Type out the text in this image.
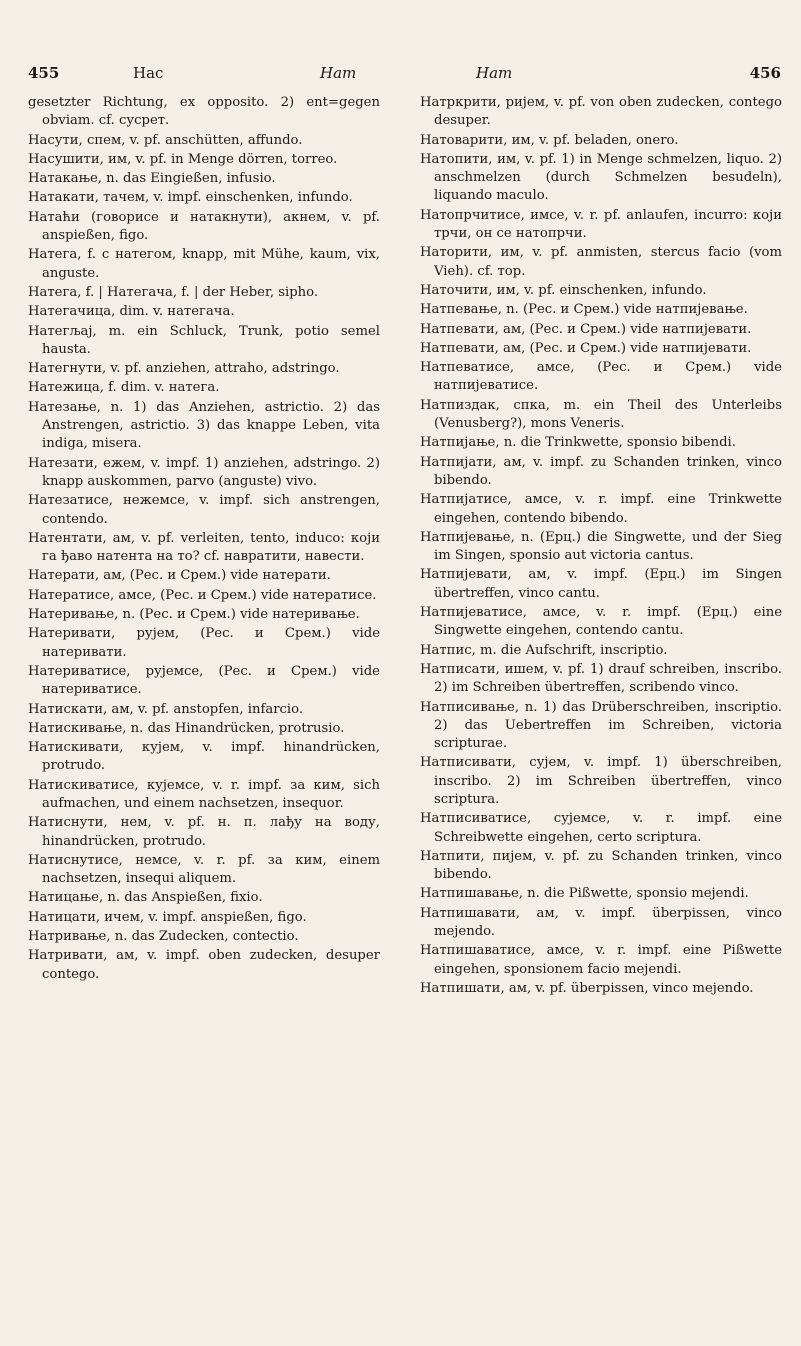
455	Нас	Нат	Нат	456

gesetzter Richtung, ex opposito. 2) ent=gegen obviam. cf. сусрет.

Насути, спем, v. pf. anschütten, affundo.

Насушити, им, v. pf. in Menge dörren, torreo.

Натакање, n. das Eingießen, infusio.

Натакати, тачем, v. impf. einschenken, infundo.

Натаћи (говорисе и натакнути), акнем, v. pf. anspießen, figo.

Натега, f. с натегом, knapp, mit Mühe, kaum, vix, anguste.

Натега, f. | Натегача, f. | der Heber, sipho.

Натегачица, dim. v. натегача.

Натегљај, m. ein Schluck, Trunk, potio semel hausta.

Натегнути, v. pf. anziehen, attraho, adstringo.

Натежица, f. dim. v. натега.

Натезање, n. 1) das Anziehen, astrictio. 2) das Anstrengen, astrictio. 3) das knappe Leben, vita indiga, misera.

Натезати, ежем, v. impf. 1) anziehen, adstringo. 2) knapp auskommen, parvo (anguste) vivo.

Натезатисе, нежемсе, v. impf. sich anstrengen, contendo.

Натентати, ам, v. pf. verleiten, tento, induco: који га ђаво натента на то? cf. навратити, навести.

Натерати, ам, (Рес. и Срем.) vide натерати.

Натератисе, амсе, (Рес. и Срем.) vide натератисе.

Натеривање, n. (Рес. и Срем.) vide натеривање.

Натеривати, рујем, (Рес. и Срем.) vide натеривати.

Натериватисе, рујемсе, (Рес. и Срем.) vide натериватисе.

Натискати, ам, v. pf. anstopfen, infarcio.

Натискивање, n. das Hinandrücken, protrusio.

Натискивати, кујем, v. impf. hinandrücken, protrudo.

Натискиватисе, кујемсе, v. r. impf. за ким, sich aufmachen, und einem nachsetzen, insequor.

Натиснути, нем, v. pf. н. п. лађу на воду, hinandrücken, protrudo.

Натиснутисе, немсе, v. r. pf. за ким, einem nachsetzen, insequi aliquem.

Натицање, n. das Anspießen, fixio.

Натицати, ичем, v. impf. anspießen, figo.

Натривање, n. das Zudecken, contectio.

Натривати, ам, v. impf. oben zudecken, desuper contego.

Натркрити, ријем, v. pf. von oben zudecken, contego desuper.

Натоварити, им, v. pf. beladen, onero.

Натопити, им, v. pf. 1) in Menge schmelzen, liquo. 2) anschmelzen (durch Schmelzen besudeln), liquando maculo.

Натопрчитисе, имсе, v. r. pf. anlaufen, incurro: који трчи, он се натопрчи.

Наторити, им, v. pf. anmisten, stercus facio (vom Vieh). cf. тор.

Наточити, им, v. pf. einschenken, infundo.

Натпевање, n. (Рес. и Срем.) vide натпијевање.

Натпевати, ам, (Рес. и Срем.) vide натпијевати.

Натпевати, ам, (Рес. и Срем.) vide натпијевати.

Натпеватисе, амсе, (Рес. и Срем.) vide натпијеватисе.

Натпиздак, спка, m. ein Theil des Unterleibs (Venusberg?), mons Veneris.

Натпијање, n. die Trinkwette, sponsio bibendi.

Натпијати, ам, v. impf. zu Schanden trinken, vinco bibendo.

Натпијатисе, амсе, v. r. impf. eine Trinkwette eingehen, contendo bibendo.

Натпијевање, n. (Ерц.) die Singwette, und der Sieg im Singen, sponsio aut victoria cantus.

Натпијевати, ам, v. impf. (Ерц.) im Singen übertreffen, vinco cantu.

Натпијеватисе, амсе, v. r. impf. (Ерц.) eine Singwette eingehen, contendo cantu.

Натпис, m. die Aufschrift, inscriptio.

Натписати, ишем, v. pf. 1) drauf schreiben, inscribo. 2) im Schreiben übertreffen, scribendo vinco.

Натписивање, n. 1) das Drüberschreiben, inscriptio. 2) das Uebertreffen im Schreiben, victoria scripturae.

Натписивати, сујем, v. impf. 1) überschreiben, inscribo. 2) im Schreiben übertreffen, vinco scriptura.

Натписиватисе, сујемсе, v. r. impf. eine Schreibwette eingehen, certo scriptura.

Натпити, пијем, v. pf. zu Schanden trinken, vinco bibendo.

Натпишавање, n. die Pißwette, sponsio mejendi.

Натпишавати, ам, v. impf. überpissen, vinco mejendo.

Натпишаватисе, амсе, v. r. impf. eine Pißwette eingehen, sponsionem facio mejendi.

Натпишати, ам, v. pf. überpissen, vinco mejendo.
